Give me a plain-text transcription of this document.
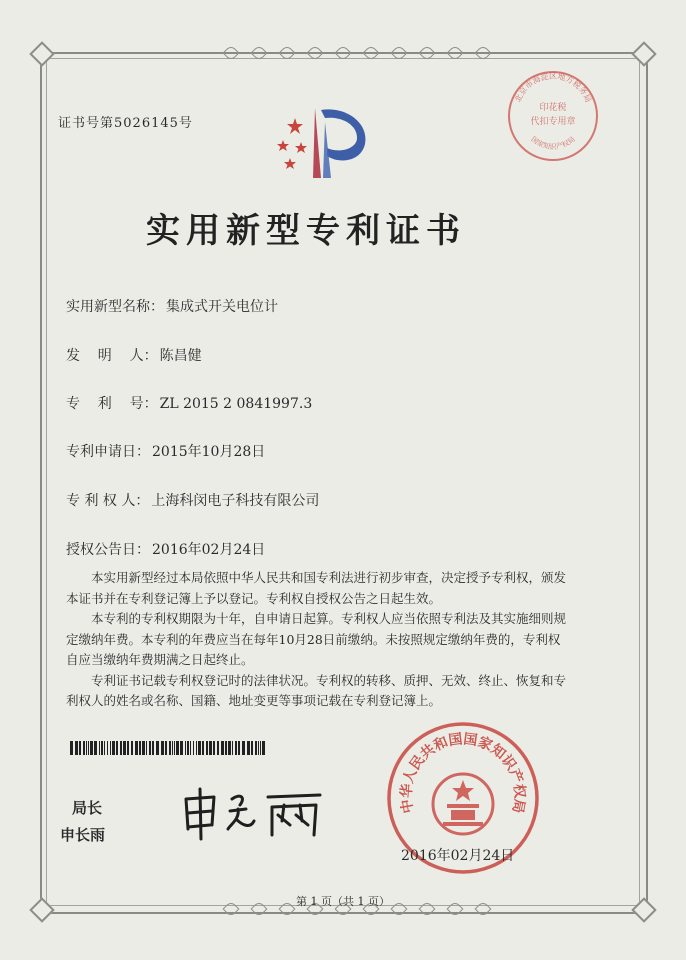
证书号第5026145号
实用新型专利证书
实用新型名称： 集成式开关电位计
发    明    人： 陈昌健
专    利    号： ZL 2015 2 0841997.3
专利申请日： 2015年10月28日
专 利 权 人： 上海科闵电子科技有限公司
授权公告日： 2016年02月24日

本实用新型经过本局依照中华人民共和国专利法进行初步审查，决定授予专利权，颁发本证书并在专利登记簿上予以登记。专利权自授权公告之日起生效。

本专利的专利权期限为十年，自申请日起算。专利权人应当依照专利法及其实施细则规定缴纳年费。本专利的年费应当在每年10月28日前缴纳。未按照规定缴纳年费的，专利权自应当缴纳年费期满之日起终止。

专利证书记载专利权登记时的法律状况。专利权的转移、质押、无效、终止、恢复和专利权人的姓名或名称、国籍、地址变更等事项记载在专利登记簿上。

局长
申长雨
中华人民共和国国家知识产权局
2016年02月24日
北京市海淀区地方税务局
印花税
代扣专用章
国家知识产权局
第 1 页（共 1 页）
